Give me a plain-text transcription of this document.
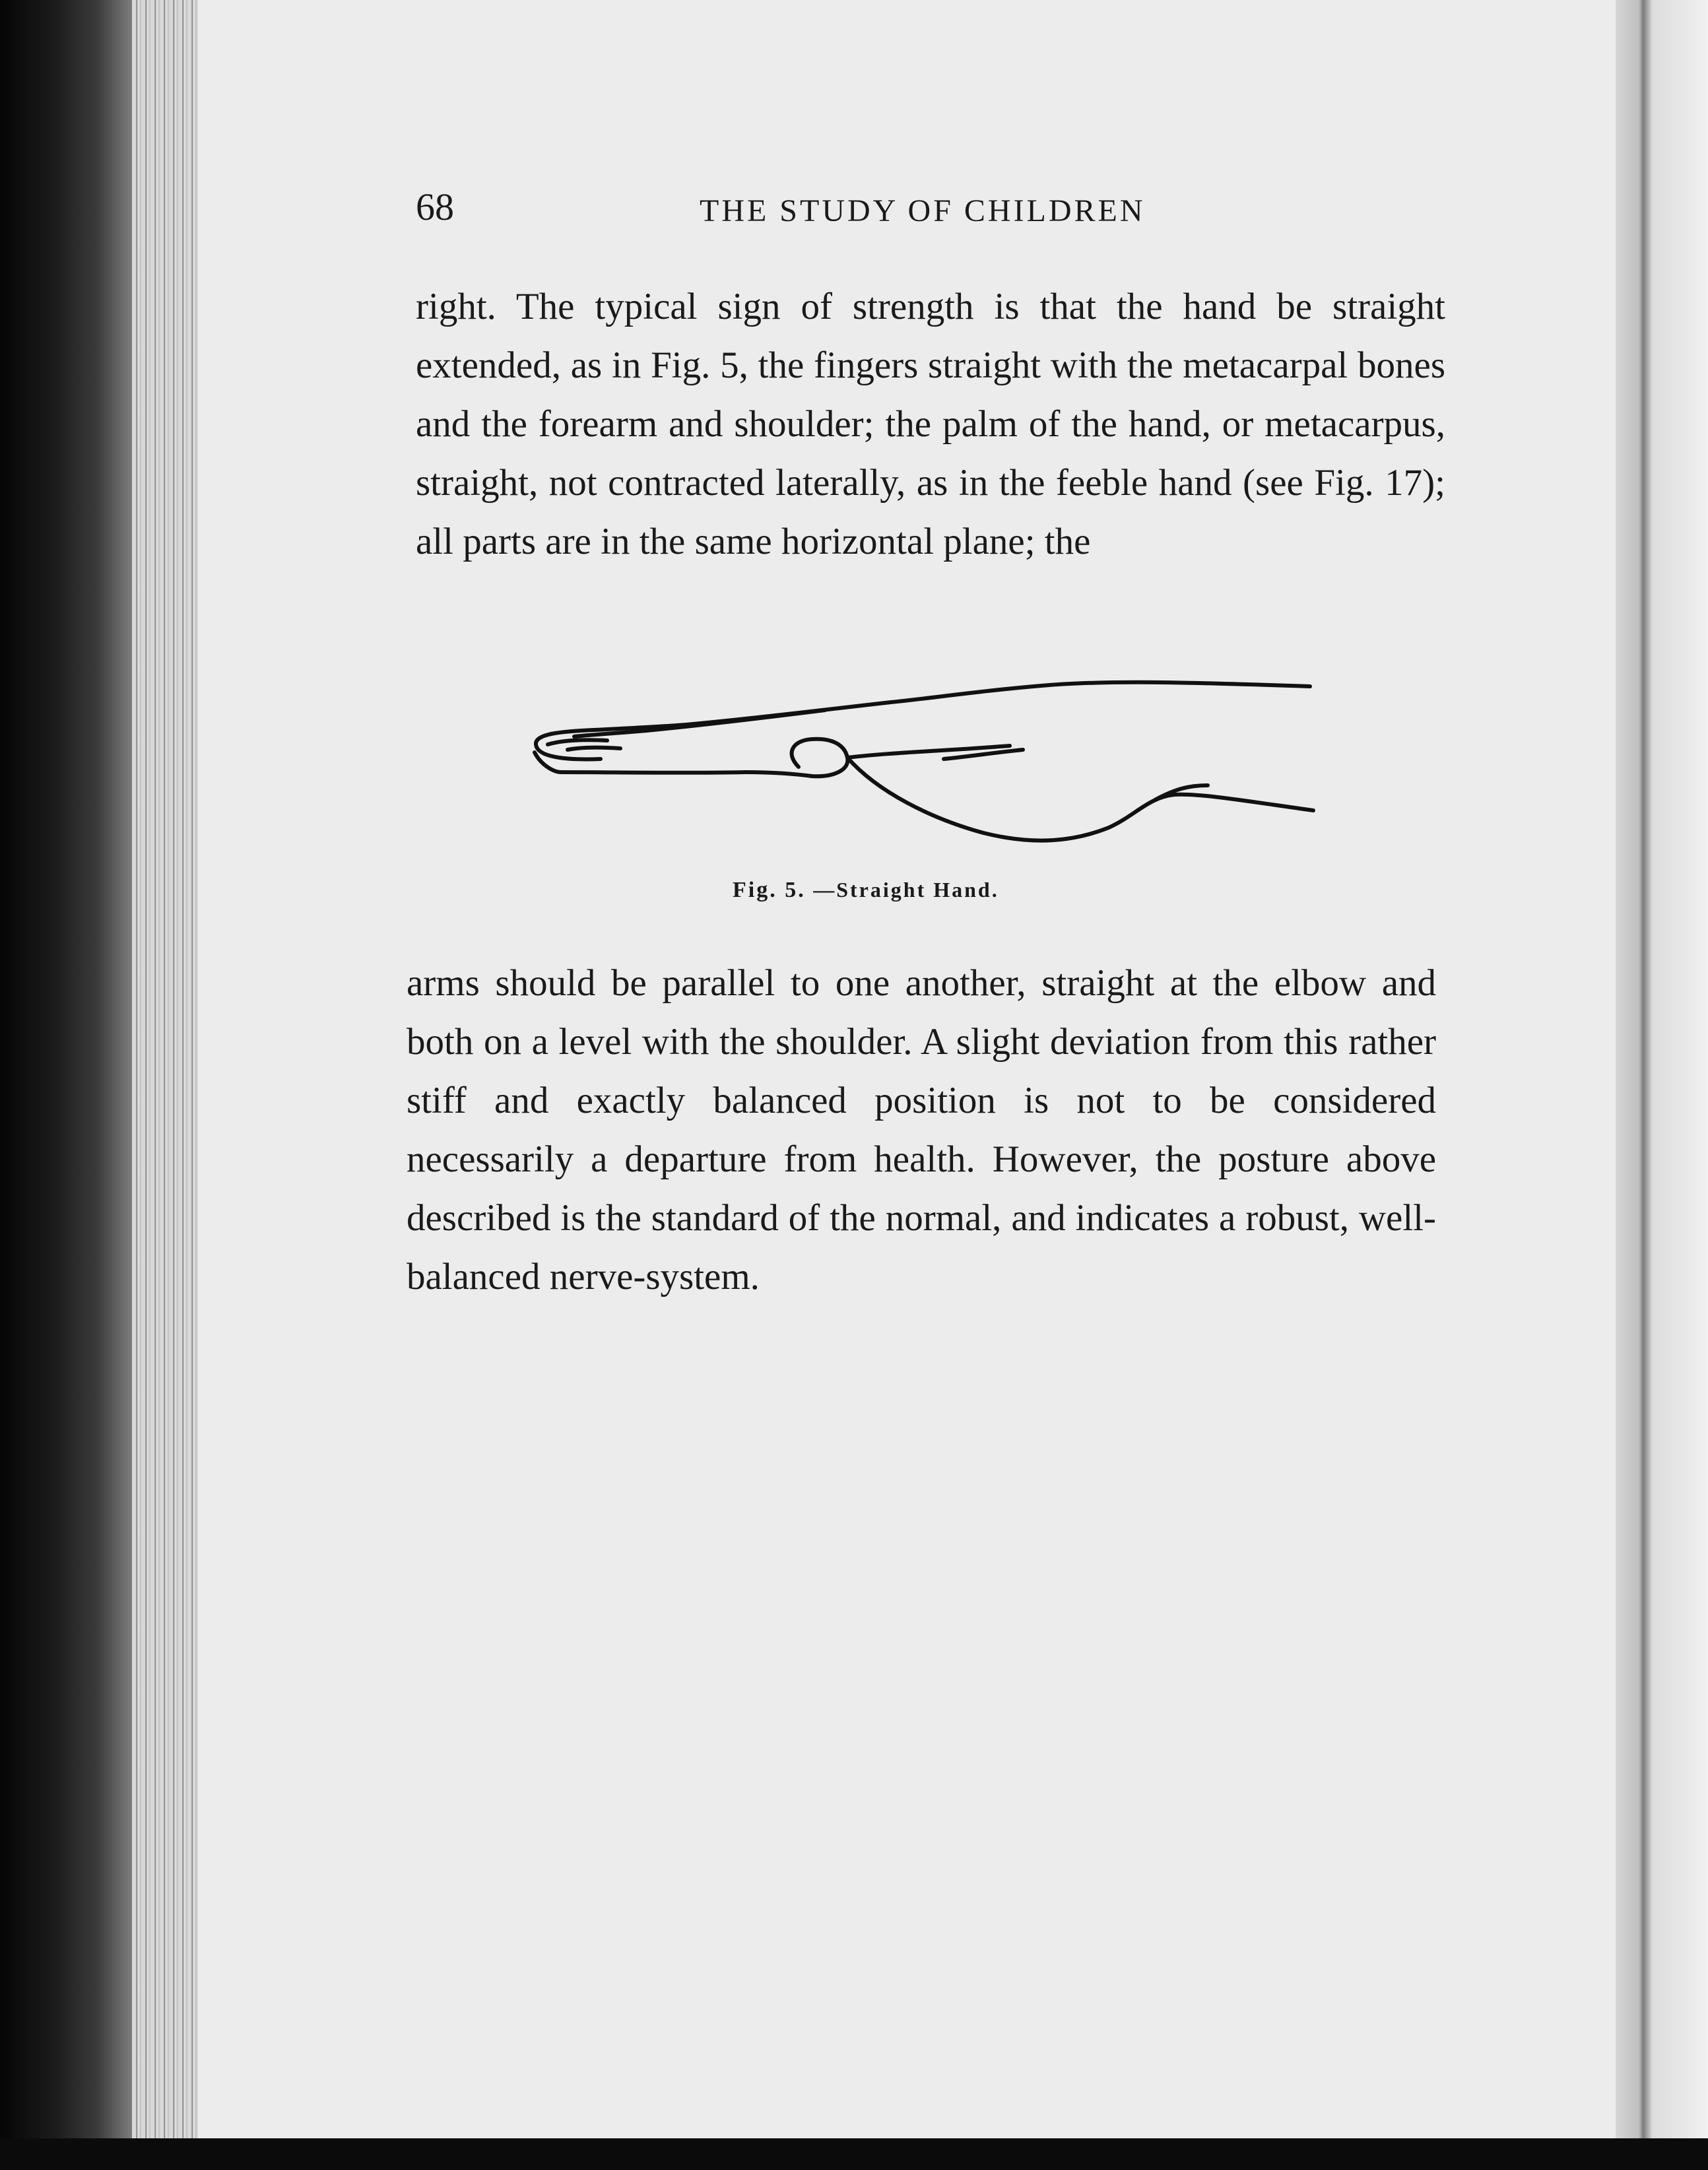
68	THE STUDY OF CHILDREN

right. The typical sign of strength is that the hand be straight extended, as in Fig. 5, the fingers straight with the metacarpal bones and the forearm and shoulder; the palm of the hand, or metacarpus, straight, not contracted laterally, as in the feeble hand (see Fig. 17); all parts are in the same horizontal plane; the

Fig. 5. —Straight Hand.

arms should be parallel to one another, straight at the elbow and both on a level with the shoulder. A slight deviation from this rather stiff and exactly balanced position is not to be considered necessarily a departure from health. However, the posture above described is the standard of the normal, and indicates a robust, well-balanced nerve-system.
